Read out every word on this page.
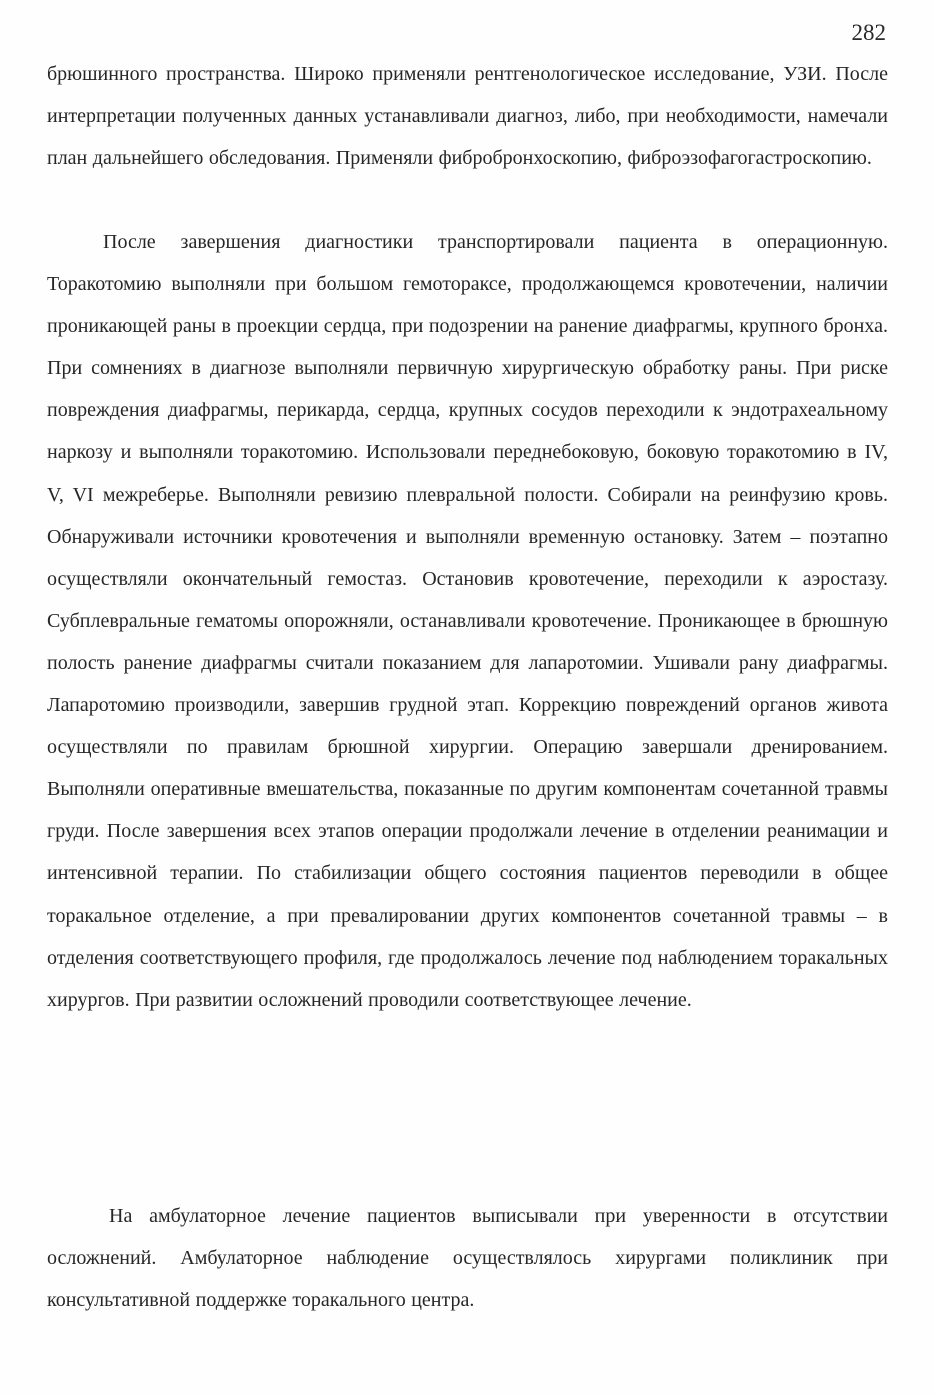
282

брюшинного пространства. Широко применяли рентгенологическое исследование, УЗИ. После интерпретации полученных данных устанавливали диагноз, либо, при необходимости, намечали план дальнейшего обследования. Применяли фибробронхоскопию, фиброэзофагогастроскопию.

После завершения диагностики транспортировали пациента в операционную. Торакотомию выполняли при большом гемотораксе, продолжающемся кровотечении, наличии проникающей раны в проекции сердца, при подозрении на ранение диафрагмы, крупного бронха. При сомнениях в диагнозе выполняли первичную хирургическую обработку раны. При риске повреждения диафрагмы, перикарда, сердца, крупных сосудов переходили к эндотрахеальному наркозу и выполняли торакотомию. Использовали переднебоковую, боковую торакотомию в IV, V, VI межреберье. Выполняли ревизию плевральной полости. Собирали на реинфузию кровь. Обнаруживали источники кровотечения и выполняли временную остановку. Затем – поэтапно осуществляли окончательный гемостаз. Остановив кровотечение, переходили к аэростазу. Субплевральные гематомы опорожняли, останавливали кровотечение. Проникающее в брюшную полость ранение диафрагмы считали показанием для лапаротомии. Ушивали рану диафрагмы. Лапаротомию производили, завершив грудной этап. Коррекцию повреждений органов живота осуществляли по правилам брюшной хирургии. Операцию завершали дренированием. Выполняли оперативные вмешательства, показанные по другим компонентам сочетанной травмы груди. После завершения всех этапов операции продолжали лечение в отделении реанимации и интенсивной терапии. По стабилизации общего состояния пациентов переводили в общее торакальное отделение, а при превалировании других компонентов сочетанной травмы – в отделения соответствующего профиля, где продолжалось лечение под наблюдением торакальных хирургов. При развитии осложнений проводили соответствующее лечение.

На амбулаторное лечение пациентов выписывали при уверенности в отсутствии осложнений. Амбулаторное наблюдение осуществлялось хирургами поликлиник при консультативной поддержке торакального центра.
